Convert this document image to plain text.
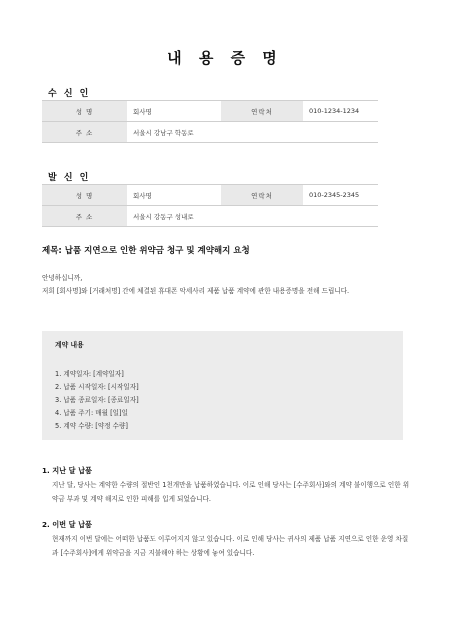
내 용 증 명
수 신 인
성 명	회사명	연락처	010-1234-1234
주 소	서울시 강남구 학동로		
발 신 인
성 명	회사명	연락처	010-2345-2345
주 소	서울시 강동구 성내로		
제목: 납품 지연으로 인한 위약금 청구 및 계약해지 요청
안녕하십니까,
저희 [회사명]와 [거래처명] 간에 체결된 휴대폰 악세사리 제품 납품 계약에 관한 내용증명을 전해 드립니다.
계약 내용
1. 계약일자: [계약일자]
2. 납품 시작일자: [시작일자]
3. 납품 종료일자: [종료일자]
4. 납품 주기: 매월 [일]일
5. 계약 수량: [약정 수량]
1. 지난 달 납품
지난 달, 당사는 계약한 수량의 절반인 1천개만을 납품하였습니다. 이로 인해 당사는 [수주회사]와의 계약 불이행으로 인한 위약금 부과 및 계약 해지로 인한 피해를 입게 되었습니다.
2. 이번 달 납품
현재까지 이번 달에는 어떠한 납품도 이루어지지 않고 있습니다. 이로 인해 당사는 귀사의 제품 납품 지연으로 인한 운영 차질과 [수주회사]에게 위약금을 지금 지불해야 하는 상황에 놓여 있습니다.
